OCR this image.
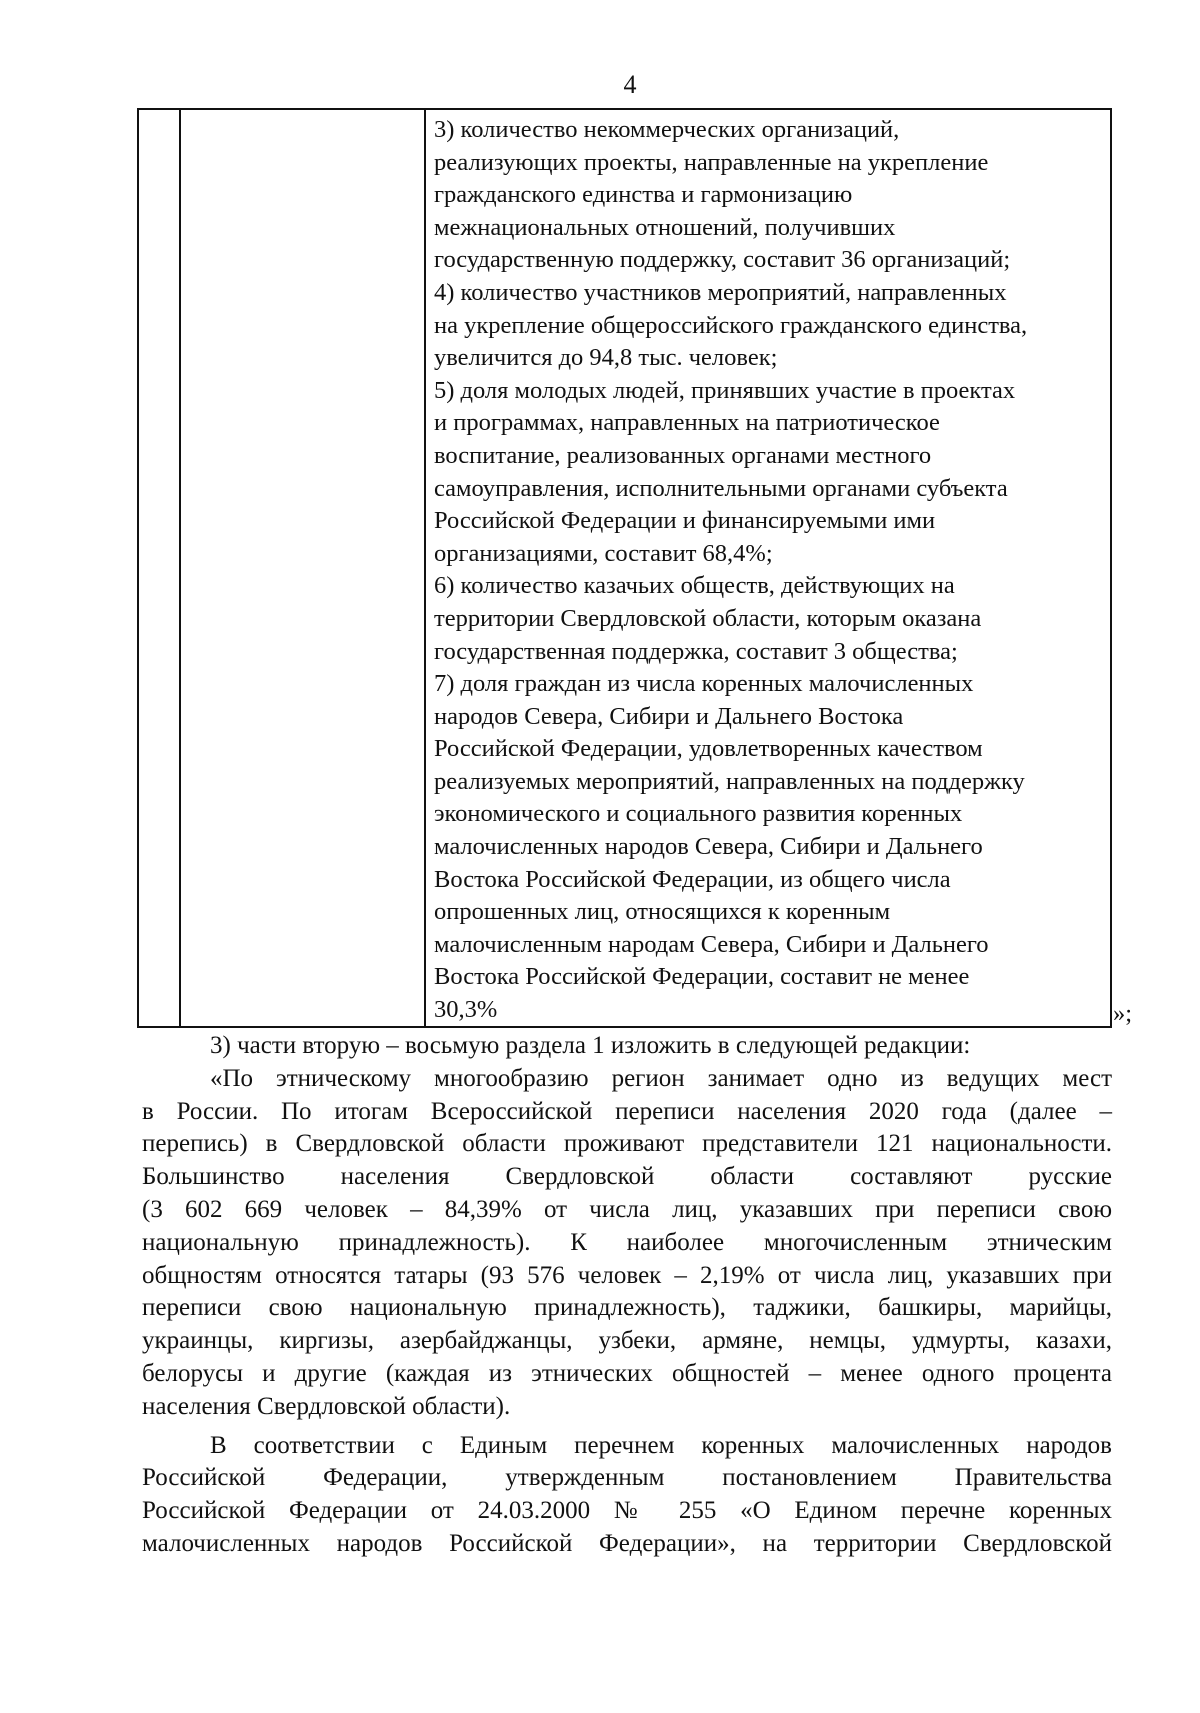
4
3) количество некоммерческих организаций,
реализующих проекты, направленные на укрепление
гражданского единства и гармонизацию
межнациональных отношений, получивших
государственную поддержку, составит 36 организаций;
4) количество участников мероприятий, направленных
на укрепление общероссийского гражданского единства,
увеличится до 94,8 тыс. человек;
5) доля молодых людей, принявших участие в проектах
и программах, направленных на патриотическое
воспитание, реализованных органами местного
самоуправления, исполнительными органами субъекта
Российской Федерации и финансируемыми ими
организациями, составит 68,4%;
6) количество казачьих обществ, действующих на
территории Свердловской области, которым оказана
государственная поддержка, составит 3 общества;
7) доля граждан из числа коренных малочисленных
народов Севера, Сибири и Дальнего Востока
Российской Федерации, удовлетворенных качеством
реализуемых мероприятий, направленных на поддержку
экономического и социального развития коренных
малочисленных народов Севера, Сибири и Дальнего
Востока Российской Федерации, из общего числа
опрошенных лиц, относящихся к коренным
малочисленным народам Севера, Сибири и Дальнего
Востока Российской Федерации, составит не менее
30,3%	»;
3) части вторую – восьмую раздела 1 изложить в следующей редакции:
«По этническому многообразию регион занимает одно из ведущих мест
в России. По итогам Всероссийской переписи населения 2020 года (далее –
перепись) в Свердловской области проживают представители 121 национальности.
Большинство населения Свердловской области составляют русские
(3 602 669 человек – 84,39% от числа лиц, указавших при переписи свою
национальную принадлежность). К наиболее многочисленным этническим
общностям относятся татары (93 576 человек – 2,19% от числа лиц, указавших при
переписи свою национальную принадлежность), таджики, башкиры, марийцы,
украинцы, киргизы, азербайджанцы, узбеки, армяне, немцы, удмурты, казахи,
белорусы и другие (каждая из этнических общностей – менее одного процента
населения Свердловской области).
В соответствии с Единым перечнем коренных малочисленных народов
Российской Федерации, утвержденным постановлением Правительства
Российской Федерации от 24.03.2000 № 255 «О Едином перечне коренных
малочисленных народов Российской Федерации», на территории Свердловской
